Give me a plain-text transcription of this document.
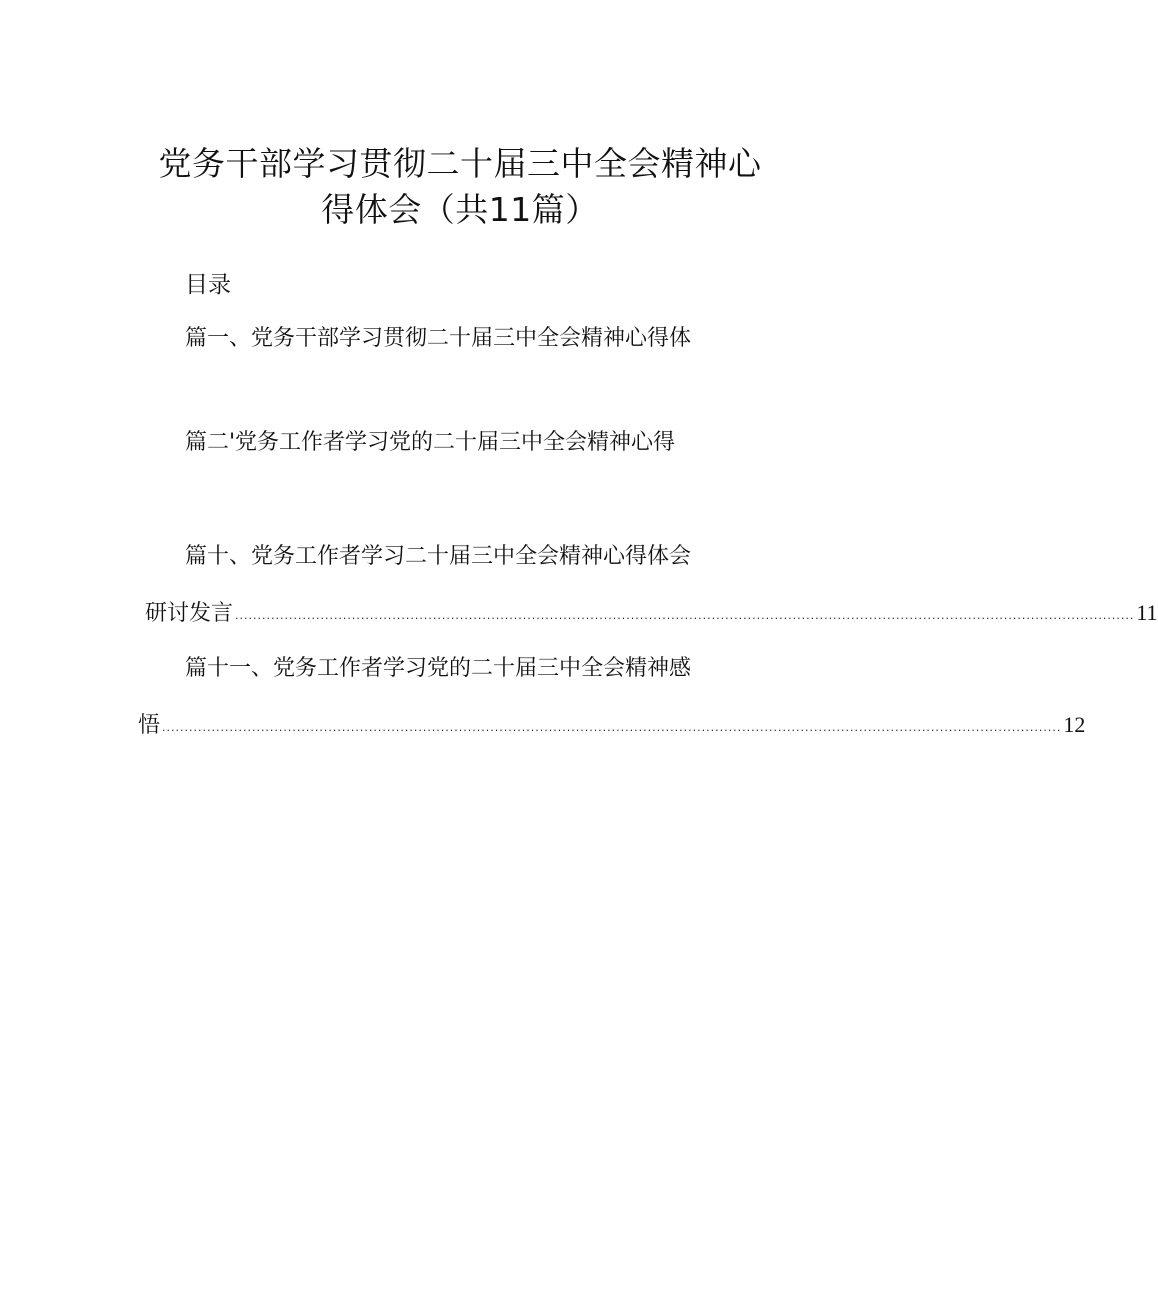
党务干部学习贯彻二十届三中全会精神心
得体会（共11篇）
目录
篇一、党务干部学习贯彻二十届三中全会精神心得体
篇二'党务工作者学习党的二十届三中全会精神心得
篇十、党务工作者学习二十届三中全会精神心得体会
研讨发言 ........................................................................................................................................................................................................ 11
篇十一、党务工作者学习党的二十届三中全会精神感
悟 ........................................................................................................................................................................................................ 12
